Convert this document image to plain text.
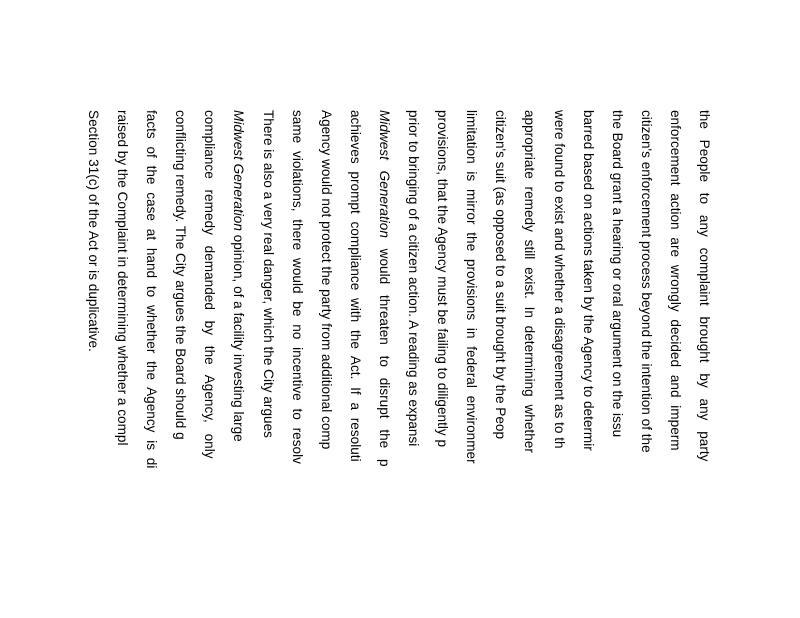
the People to any complaint brought by any party
enforcement action are wrongly decided and imperm
citizen's enforcement process beyond the intention of the
the Board grant a hearing or oral argument on the issu
barred based on actions taken by the Agency to determir
were found to exist and whether a disagreement as to th
appropriate remedy still exist. In determining whether
citizen's suit (as opposed to a suit brought by the Peop
limitation is mirror the provisions in federal environmer
provisions, that the Agency must be failing to diligently p
prior to bringing of a citizen action. A reading as expansi
Midwest Generation would threaten to disrupt the p
achieves prompt compliance with the Act. If a resoluti
Agency would not protect the party from additional comp
same violations, there would be no incentive to resolv
There is also a very real danger, which the City argues
Midwest Generation opinion, of a facility investing large
compliance remedy demanded by the Agency, only
conflicting remedy. The City argues the Board should g
facts of the case at hand to whether the Agency is di
raised by the Complaint in determining whether a compl
Section 31(c) of the Act or is duplicative.
